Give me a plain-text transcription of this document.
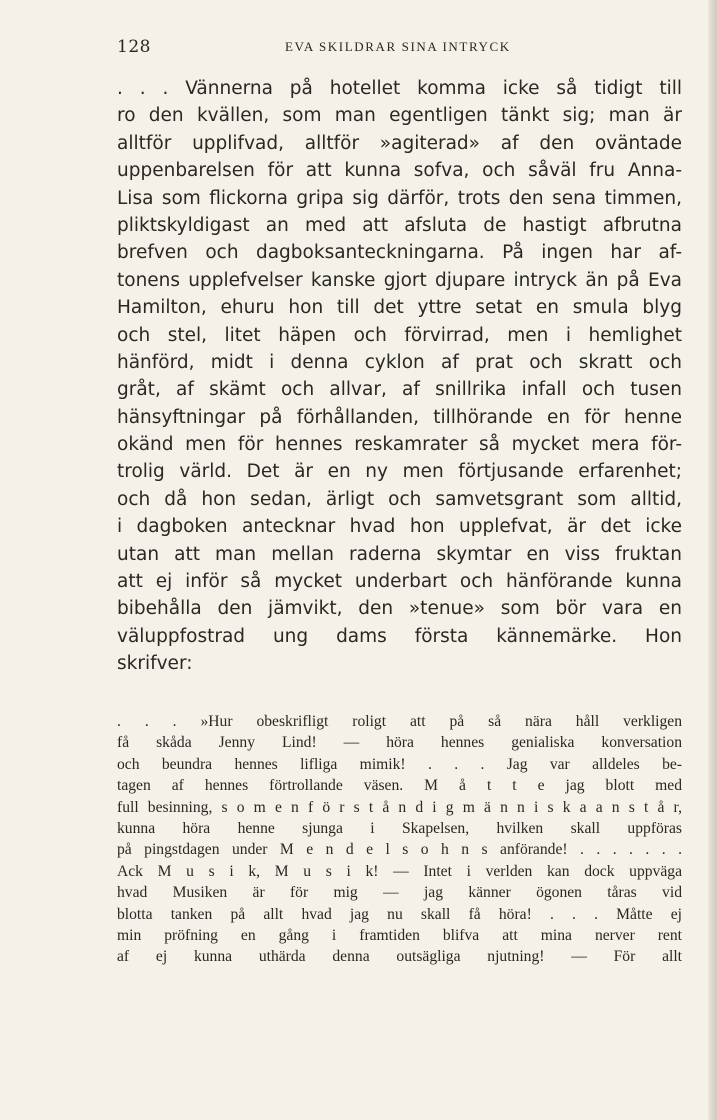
128	EVA SKILDRAR SINA INTRYCK
. . . Vännerna på hotellet komma icke så tidigt till
ro den kvällen, som man egentligen tänkt sig; man är
alltför upplifvad, alltför »agiterad» af den oväntade
uppenbarelsen för att kunna sofva, och såväl fru Anna-
Lisa som flickorna gripa sig därför, trots den sena timmen,
pliktskyldigast an med att afsluta de hastigt afbrutna
brefven och dagboksanteckningarna. På ingen har af-
tonens upplefvelser kanske gjort djupare intryck än på Eva
Hamilton, ehuru hon till det yttre setat en smula blyg
och stel, litet häpen och förvirrad, men i hemlighet
hänförd, midt i denna cyklon af prat och skratt och
gråt, af skämt och allvar, af snillrika infall och tusen
hänsyftningar på förhållanden, tillhörande en för henne
okänd men för hennes reskamrater så mycket mera för-
trolig värld. Det är en ny men förtjusande erfarenhet;
och då hon sedan, ärligt och samvetsgrant som alltid,
i dagboken antecknar hvad hon upplefvat, är det icke
utan att man mellan raderna skymtar en viss fruktan
att ej inför så mycket underbart och hänförande kunna
bibehålla den jämvikt, den »tenue» som bör vara en
väluppfostrad ung dams första kännemärke. Hon
skrifver:
. . . »Hur obeskrifligt roligt att på så nära håll verkligen
få skåda Jenny Lind! — höra hennes genialiska konversation
och beundra hennes lifliga mimik! . . . Jag var alldeles be-
tagen af hennes förtrollande väsen. M å t t e jag blott med
full besinning, s o m e n f ö r s t å n d i g m ä n n i s k a a n s t å r,
kunna höra henne sjunga i Skapelsen, hvilken skall uppföras
på pingstdagen under M e n d e l s o h n s anförande! . . . . . . .
Ack M u s i k, M u s i k! — Intet i verlden kan dock uppväga
hvad Musiken är för mig — jag känner ögonen tåras vid
blotta tanken på allt hvad jag nu skall få höra! . . . Måtte ej
min pröfning en gång i framtiden blifva att mina nerver rent
af ej kunna uthärda denna outsägliga njutning! — För allt
